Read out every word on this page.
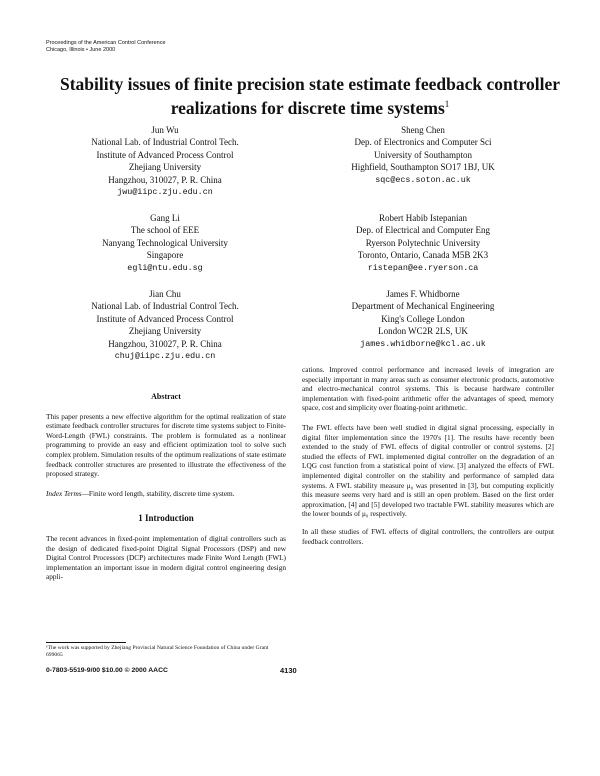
Proceedings of the American Control Conference
Chicago, Illinois • June 2000
Stability issues of finite precision state estimate feedback controller realizations for discrete time systems$^1$
Jun Wu
National Lab. of Industrial Control Tech.
Institute of Advanced Process Control
Zhejiang University
Hangzhou, 310027, P. R. China
jwu@iipc.zju.edu.cn
Sheng Chen
Dep. of Electronics and Computer Sci
University of Southampton
Highfield, Southampton SO17 1BJ, UK
sqc@ecs.soton.ac.uk
Gang Li
The school of EEE
Nanyang Technological University
Singapore
egli@ntu.edu.sg
Robert Habib Istepanian
Dep. of Electrical and Computer Eng
Ryerson Polytechnic University
Toronto, Ontario, Canada M5B 2K3
ristepan@ee.ryerson.ca
Jian Chu
National Lab. of Industrial Control Tech.
Institute of Advanced Process Control
Zhejiang University
Hangzhou, 310027, P. R. China
chuj@iipc.zju.edu.cn
James F. Whidborne
Department of Mechanical Engineering
King's College London
London WC2R 2LS, UK
james.whidborne@kcl.ac.uk
Abstract

This paper presents a new effective algorithm for the optimal realization of state estimate feedback controller structures for discrete time systems subject to Finite-Word-Length (FWL) constraints. The problem is formulated as a nonlinear programming to provide an easy and efficient optimization tool to solve such complex problem. Simulation results of the optimum realizations of state estimate feedback controller structures are presented to illustrate the effectiveness of the proposed strategy.

Index Terms—Finite word length, stability, discrete time system.

1 Introduction

The recent advances in fixed-point implementation of digital controllers such as the design of dedicated fixed-point Digital Signal Processors (DSP) and new Digital Control Processors (DCP) architectures made Finite Word Length (FWL) implementation an important issue in modern digital control engineering design appli-

¹The work was supported by Zhejiang Provincial Natural Science Foundation of China under Grant 699065
0-7803-5519-9/00 $10.00 © 2000 AACC	4130

cations. Improved control performance and increased levels of integration are especially important in many areas such as consumer electronic products, automotive and electro-mechanical control systems. This is because hardware controller implementation with fixed-point arithmetic offer the advantages of speed, memory space, cost and simplicity over floating-point arithmetic.

The FWL effects have been well studied in digital signal processing, especially in digital filter implementation since the 1970's [1]. The results have recently been extended to the study of FWL effects of digital controller or control systems. [2] studied the effects of FWL implemented digital controller on the degradation of an LQG cost function from a statistical point of view. [3] analyzed the effects of FWL implemented digital controller on the stability and performance of sampled data systems. A FWL stability measure μ₀ was presented in [3], but computing explicitly this measure seems very hard and is still an open problem. Based on the first order approximation, [4] and [5] developed two tractable FWL stability measures which are the lower bounds of μ₀ respectively.

In all these studies of FWL effects of digital controllers, the controllers are output feedback controllers.
